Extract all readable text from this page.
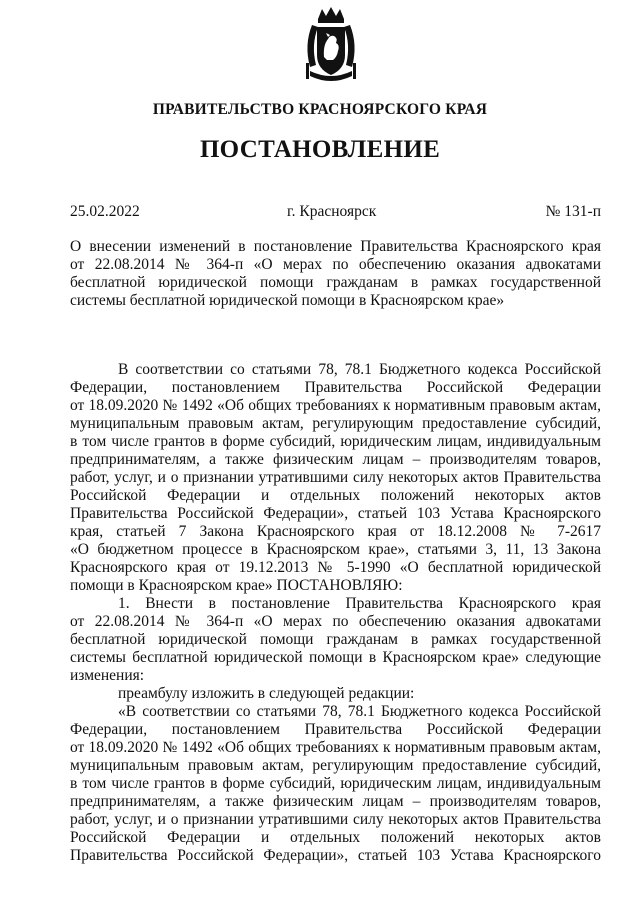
ПРАВИТЕЛЬСТВО КРАСНОЯРСКОГО КРАЯ
ПОСТАНОВЛЕНИЕ
25.02.2022	г. Красноярск	№ 131-п
О внесении изменений в постановление Правительства Красноярского края
от 22.08.2014 № 364-п «О мерах по обеспечению оказания адвокатами
бесплатной юридической помощи гражданам в рамках государственной
системы бесплатной юридической помощи в Красноярском крае»
В соответствии со статьями 78, 78.1 Бюджетного кодекса Российской
Федерации, постановлением Правительства Российской Федерации
от 18.09.2020 № 1492 «Об общих требованиях к нормативным правовым актам,
муниципальным правовым актам, регулирующим предоставление субсидий,
в том числе грантов в форме субсидий, юридическим лицам, индивидуальным
предпринимателям, а также физическим лицам – производителям товаров,
работ, услуг, и о признании утратившими силу некоторых актов Правительства
Российской Федерации и отдельных положений некоторых актов
Правительства Российской Федерации», статьей 103 Устава Красноярского
края, статьей 7 Закона Красноярского края от 18.12.2008 № 7-2617
«О бюджетном процессе в Красноярском крае», статьями 3, 11, 13 Закона
Красноярского края от 19.12.2013 № 5-1990 «О бесплатной юридической
помощи в Красноярском крае» ПОСТАНОВЛЯЮ:
1. Внести в постановление Правительства Красноярского края
от 22.08.2014 № 364-п «О мерах по обеспечению оказания адвокатами
бесплатной юридической помощи гражданам в рамках государственной
системы бесплатной юридической помощи в Красноярском крае» следующие
изменения:
преамбулу изложить в следующей редакции:
«В соответствии со статьями 78, 78.1 Бюджетного кодекса Российской
Федерации, постановлением Правительства Российской Федерации
от 18.09.2020 № 1492 «Об общих требованиях к нормативным правовым актам,
муниципальным правовым актам, регулирующим предоставление субсидий,
в том числе грантов в форме субсидий, юридическим лицам, индивидуальным
предпринимателям, а также физическим лицам – производителям товаров,
работ, услуг, и о признании утратившими силу некоторых актов Правительства
Российской Федерации и отдельных положений некоторых актов
Правительства Российской Федерации», статьей 103 Устава Красноярского
